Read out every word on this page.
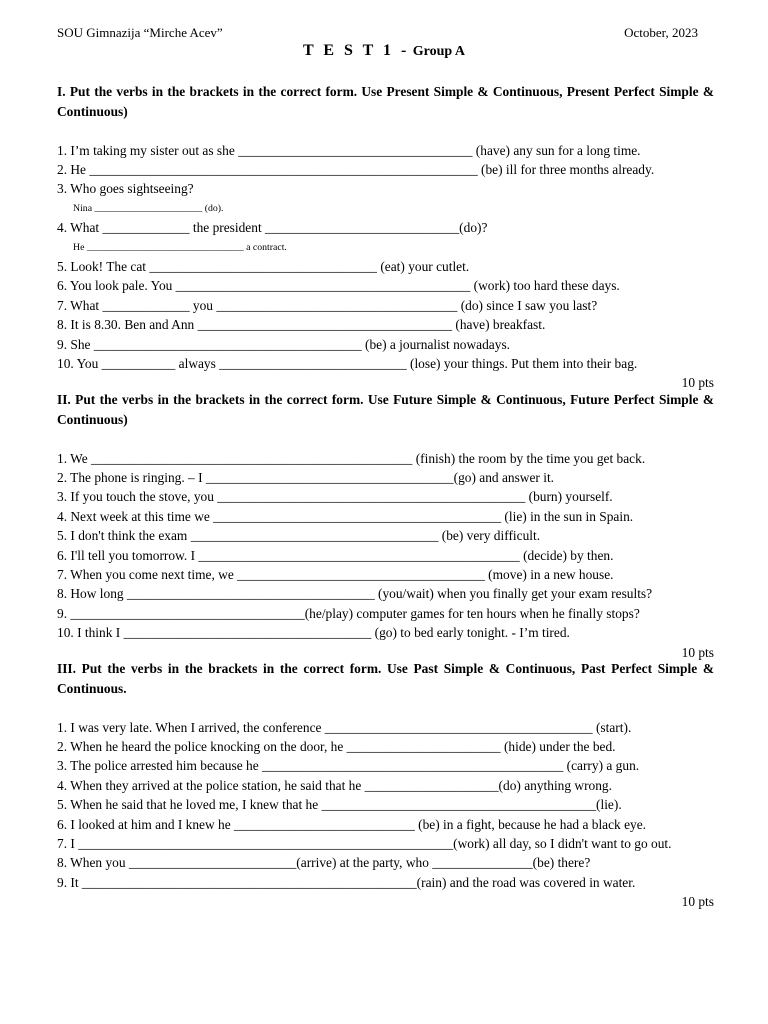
SOU Gimnazija “Mirche Acev”	October, 2023
T E S T 1 - Group A

I. Put the verbs in the brackets in the correct form. Use Present Simple & Continuous, Present Perfect Simple & Continuous)

1. I’m taking my sister out as she ___________________________________ (have) any sun for a long time.
2. He __________________________________________________________ (be) ill for three months already.
3. Who goes sightseeing?
Nina ______________________ (do).
4. What _____________ the president _____________________________(do)?
He ________________________________ a contract.
5. Look! The cat __________________________________ (eat) your cutlet.
6. You look pale. You ____________________________________________ (work) too hard these days.
7. What _____________ you ____________________________________ (do) since I saw you last?
8. It is 8.30. Ben and Ann ______________________________________ (have) breakfast.
9. She ________________________________________ (be) a journalist nowadays.
10. You ___________ always ____________________________ (lose) your things. Put them into their bag.
10 pts

II. Put the verbs in the brackets in the correct form. Use Future Simple & Continuous, Future Perfect Simple & Continuous)

1. We ________________________________________________ (finish) the room by the time you get back.
2. The phone is ringing. – I _____________________________________(go) and answer it.
3. If you touch the stove, you ______________________________________________ (burn) yourself.
4. Next week at this time we ___________________________________________ (lie) in the sun in Spain.
5. I don't think the exam _____________________________________ (be) very difficult.
6. I'll tell you tomorrow. I ________________________________________________ (decide) by then.
7. When you come next time, we _____________________________________ (move) in a new house.
8. How long _____________________________________ (you/wait) when you finally get your exam results?
9. ___________________________________(he/play) computer games for ten hours when he finally stops?
10. I think I _____________________________________ (go) to bed early tonight. - I’m tired.
10 pts

III. Put the verbs in the brackets in the correct form. Use Past Simple & Continuous, Past Perfect Simple & Continuous.

1. I was very late. When I arrived, the conference ________________________________________ (start).
2. When he heard the police knocking on the door, he _______________________ (hide) under the bed.
3. The police arrested him because he _____________________________________________ (carry) a gun.
4. When they arrived at the police station, he said that he ____________________(do) anything wrong.
5. When he said that he loved me, I knew that he _________________________________________(lie).
6. I looked at him and I knew he ___________________________ (be) in a fight, because he had a black eye.
7. I ________________________________________________________(work) all day, so I didn't want to go out.
8. When you _________________________(arrive) at the party, who _______________(be) there?
9. It __________________________________________________(rain) and the road was covered in water.
10 pts
